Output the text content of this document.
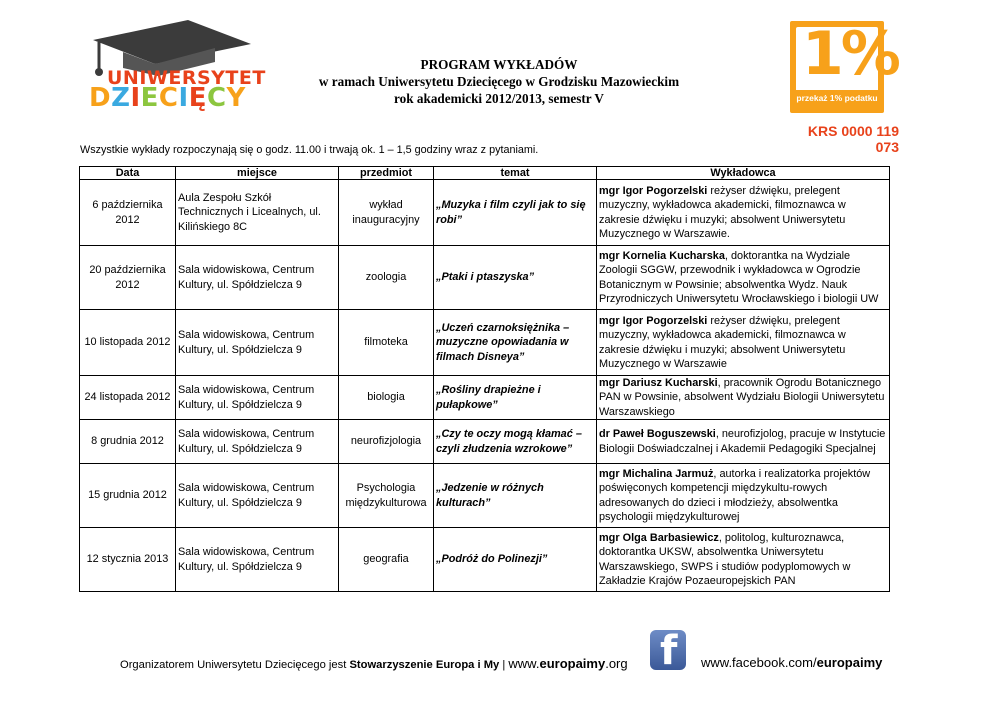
UNIWERSYTET
DZIECIĘCY
PROGRAM WYKŁADÓW
w ramach Uniwersytetu Dziecięcego w Grodzisku Mazowieckim
rok akademicki 2012/2013, semestr V
1%
przekaż 1% podatku
KRS 0000 119 073
Wszystkie wykłady rozpoczynają się o godz. 11.00 i trwają ok. 1 – 1,5 godziny wraz z pytaniami.
Data	miejsce	przedmiot	temat	Wykładowca
6 października 2012	Aula Zespołu Szkół Technicznych i Licealnych, ul. Kilińskiego 8C	wykład inauguracyjny	„Muzyka i film czyli jak to się robi”	mgr Igor Pogorzelski reżyser dźwięku, prelegent muzyczny, wykładowca akademicki, filmoznawca w zakresie dźwięku i muzyki; absolwent Uniwersytetu Muzycznego w Warszawie.
20 października 2012	Sala widowiskowa, Centrum Kultury, ul. Spółdzielcza 9	zoologia	„Ptaki i ptaszyska”	mgr Kornelia Kucharska, doktorantka na Wydziale Zoologii SGGW, przewodnik i wykładowca w Ogrodzie Botanicznym w Powsinie; absolwentka Wydz. Nauk Przyrodniczych Uniwersytetu Wrocławskiego i biologii UW
10 listopada 2012	Sala widowiskowa, Centrum Kultury, ul. Spółdzielcza 9	filmoteka	„Uczeń czarnoksiężnika – muzyczne opowiadania w filmach Disneya”	mgr Igor Pogorzelski reżyser dźwięku, prelegent muzyczny, wykładowca akademicki, filmoznawca w zakresie dźwięku i muzyki; absolwent Uniwersytetu Muzycznego w Warszawie
24 listopada 2012	Sala widowiskowa, Centrum Kultury, ul. Spółdzielcza 9	biologia	„Rośliny drapieżne i pułapkowe”	mgr Dariusz Kucharski, pracownik Ogrodu Botanicznego PAN w Powsinie, absolwent Wydziału Biologii Uniwersytetu Warszawskiego
8 grudnia 2012	Sala widowiskowa, Centrum Kultury, ul. Spółdzielcza 9	neurofizjologia	„Czy te oczy mogą kłamać – czyli złudzenia wzrokowe”	dr Paweł Boguszewski, neurofizjolog, pracuje w Instytucie Biologii Doświadczalnej i Akademii Pedagogiki Specjalnej
15 grudnia 2012	Sala widowiskowa, Centrum Kultury, ul. Spółdzielcza 9	Psychologia międzykulturowa	„Jedzenie w różnych kulturach”	mgr Michalina Jarmuż, autorka i realizatorka projektów poświęconych kompetencji międzykultu-rowych adresowanych do dzieci i młodzieży, absolwentka psychologii międzykulturowej
12 stycznia 2013	Sala widowiskowa, Centrum Kultury, ul. Spółdzielcza 9	geografia	„Podróż do Polinezji”	mgr Olga Barbasiewicz, politolog, kulturoznawca, doktorantka UKSW, absolwentka Uniwersytetu Warszawskiego, SWPS i studiów podyplomowych w Zakładzie Krajów Pozaeuropejskich PAN
Organizatorem Uniwersytetu Dziecięcego jest Stowarzyszenie Europa i My | www.europaimy.org f www.facebook.com/europaimy
